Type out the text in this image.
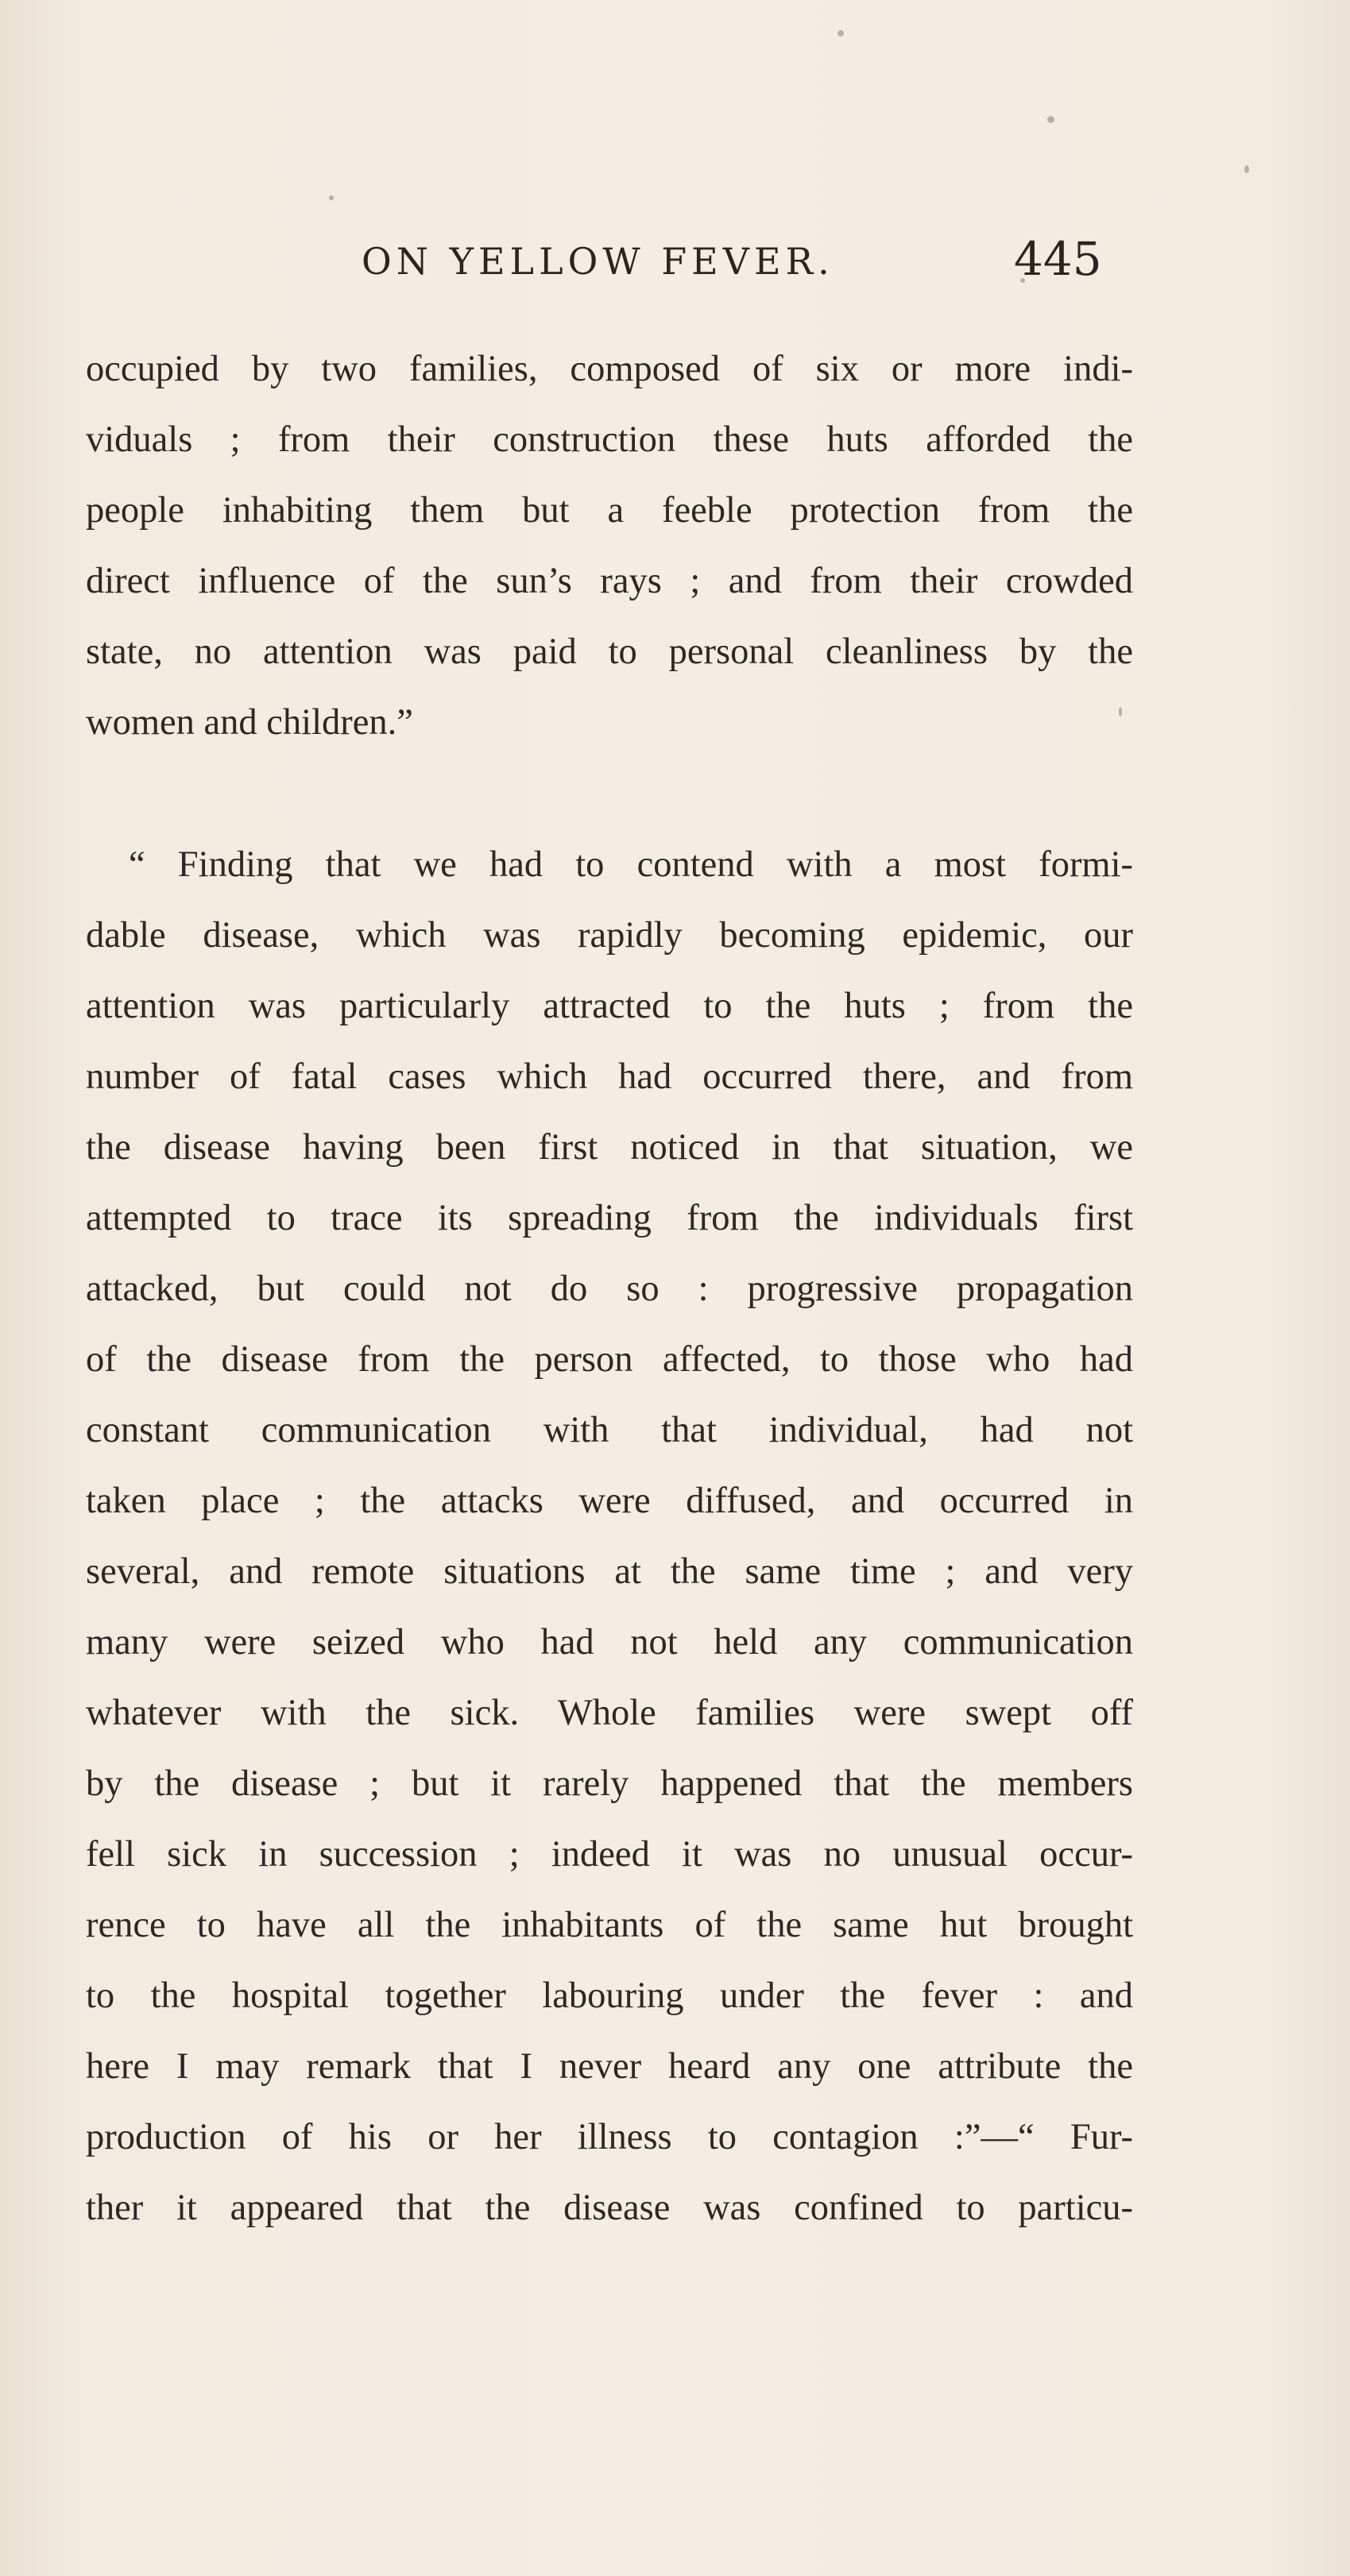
ON YELLOW FEVER.	445
occupied by two families, composed of six or more indi-
viduals ; from their construction these huts afforded the
people inhabiting them but a feeble protection from the
direct influence of the sun’s rays ; and from their crowded
state, no attention was paid to personal cleanliness by the
women and children.”
“ Finding that we had to contend with a most formi-
dable disease, which was rapidly becoming epidemic, our
attention was particularly attracted to the huts ; from the
number of fatal cases which had occurred there, and from
the disease having been first noticed in that situation, we
attempted to trace its spreading from the individuals first
attacked, but could not do so : progressive propagation
of the disease from the person affected, to those who had
constant communication with that individual, had not
taken place ; the attacks were diffused, and occurred in
several, and remote situations at the same time ; and very
many were seized who had not held any communication
whatever with the sick. Whole families were swept off
by the disease ; but it rarely happened that the members
fell sick in succession ; indeed it was no unusual occur-
rence to have all the inhabitants of the same hut brought
to the hospital together labouring under the fever : and
here I may remark that I never heard any one attribute the
production of his or her illness to contagion :”—“ Fur-
ther it appeared that the disease was confined to particu-
